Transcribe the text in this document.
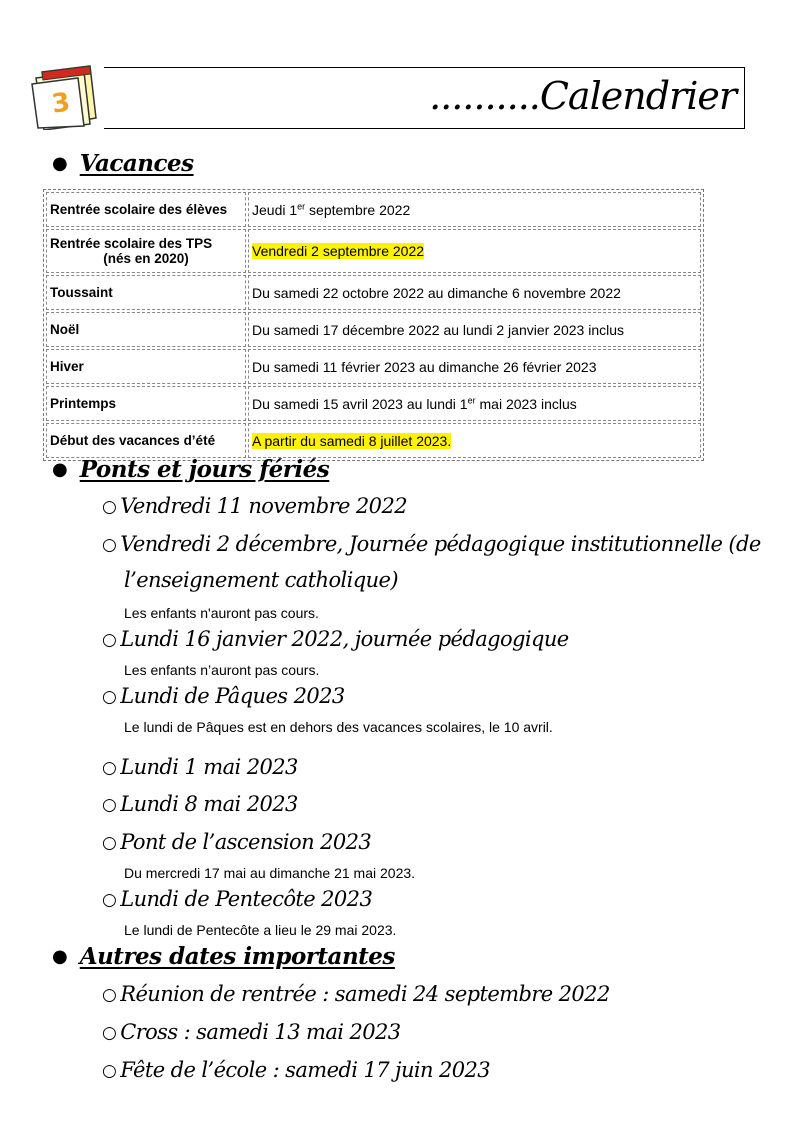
3	..........Calendrier
● Vacances
Rentrée scolaire des élèves	Jeudi 1er septembre 2022
Rentrée scolaire des TPS
(nés en 2020)	Vendredi 2 septembre 2022
Toussaint	Du samedi 22 octobre 2022 au dimanche 6 novembre 2022
Noël	Du samedi 17 décembre 2022 au lundi 2 janvier 2023 inclus
Hiver	Du samedi 11 février 2023 au dimanche 26 février 2023
Printemps	Du samedi 15 avril 2023 au lundi 1er mai 2023 inclus
Début des vacances d’été	A partir du samedi 8 juillet 2023.
● Ponts et jours fériés
○ Vendredi 11 novembre 2022
○ Vendredi 2 décembre, Journée pédagogique institutionnelle (de
l’enseignement catholique)
Les enfants n'auront pas cours.
○ Lundi 16 janvier 2022, journée pédagogique
Les enfants n’auront pas cours.
○ Lundi de Pâques 2023
Le lundi de Pâques est en dehors des vacances scolaires, le 10 avril.
○ Lundi 1 mai 2023
○ Lundi 8 mai 2023
○ Pont de l’ascension 2023
Du mercredi 17 mai au dimanche 21 mai 2023.
○ Lundi de Pentecôte 2023
Le lundi de Pentecôte a lieu le 29 mai 2023.
● Autres dates importantes
○ Réunion de rentrée : samedi 24 septembre 2022
○ Cross : samedi 13 mai 2023
○ Fête de l’école : samedi 17 juin 2023
